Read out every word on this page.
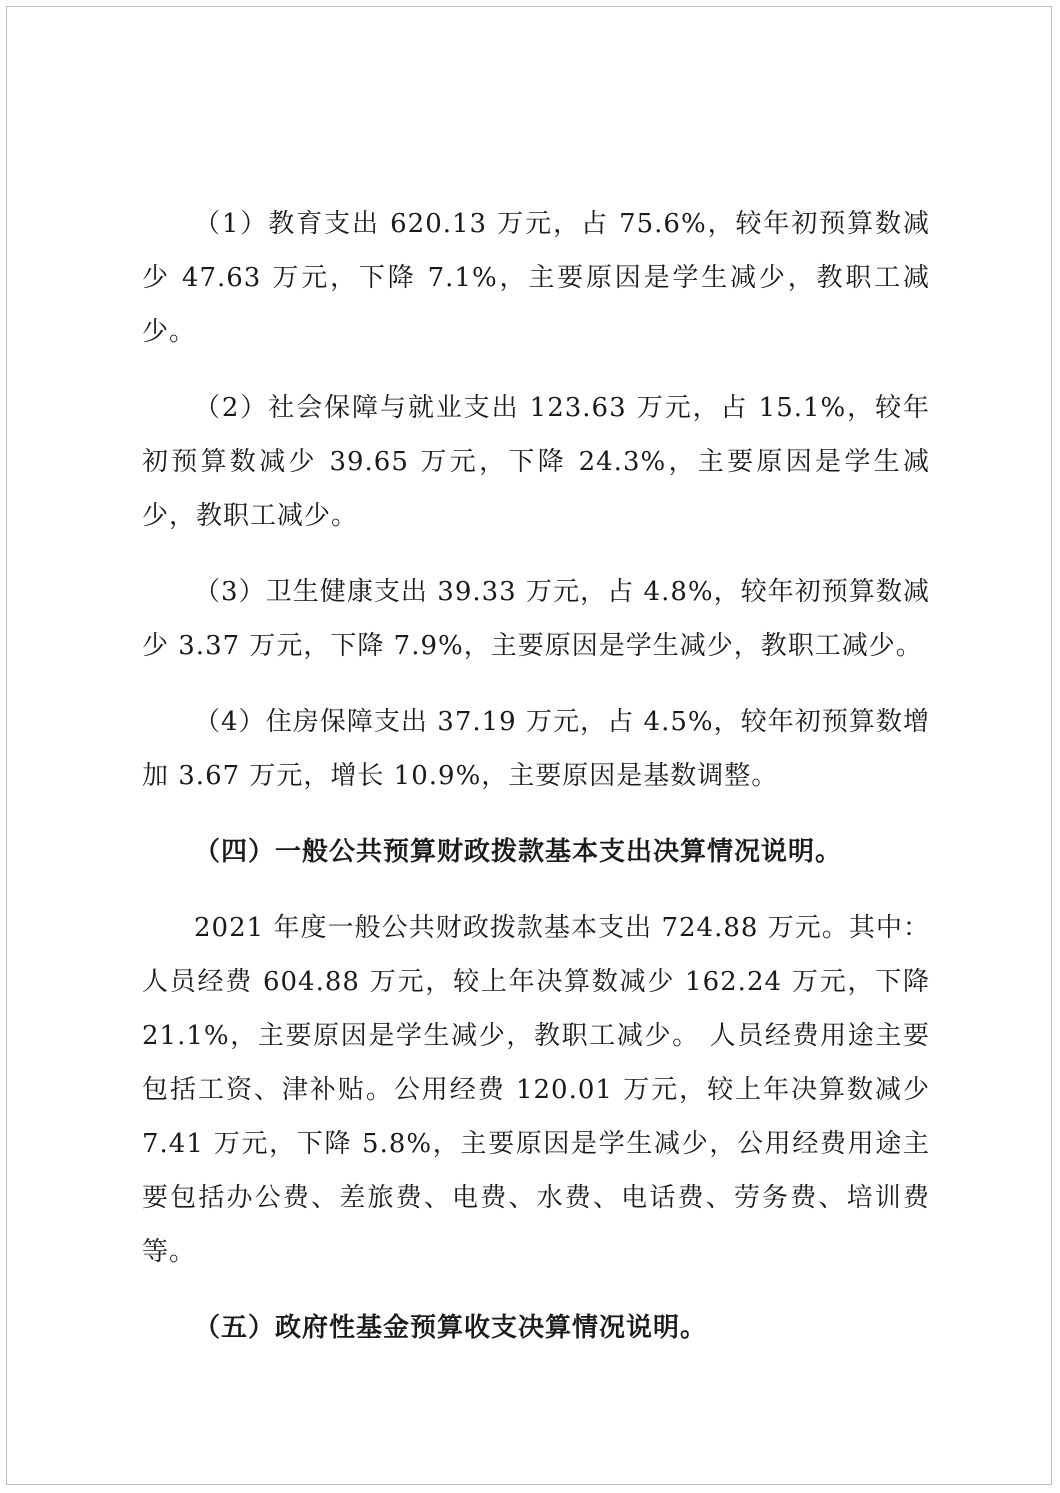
（1）教育支出 620.13 万元，占 75.6%，较年初预算数减少 47.63 万元，下降 7.1%，主要原因是学生减少，教职工减少。

（2）社会保障与就业支出 123.63 万元，占 15.1%，较年初预算数减少 39.65 万元，下降 24.3%，主要原因是学生减少，教职工减少。

（3）卫生健康支出 39.33 万元，占 4.8%，较年初预算数减少 3.37 万元，下降 7.9%，主要原因是学生减少，教职工减少。

（4）住房保障支出 37.19 万元，占 4.5%，较年初预算数增加 3.67 万元，增长 10.9%，主要原因是基数调整。

（四）一般公共预算财政拨款基本支出决算情况说明。

2021 年度一般公共财政拨款基本支出 724.88 万元。其中：人员经费 604.88 万元，较上年决算数减少 162.24 万元，下降 21.1%，主要原因是学生减少，教职工减少。 人员经费用途主要包括工资、津补贴。公用经费 120.01 万元，较上年决算数减少 7.41 万元，下降 5.8%，主要原因是学生减少，公用经费用途主要包括办公费、差旅费、电费、水费、电话费、劳务费、培训费等。

（五）政府性基金预算收支决算情况说明。
